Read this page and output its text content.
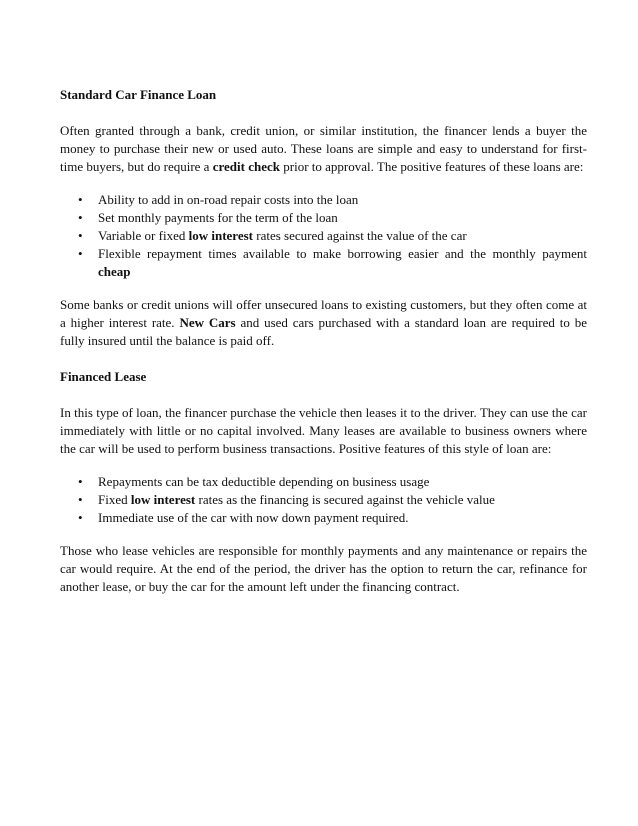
Standard Car Finance Loan

Often granted through a bank, credit union, or similar institution, the financer lends a buyer the money to purchase their new or used auto. These loans are simple and easy to understand for first-time buyers, but do require a credit check prior to approval. The positive features of these loans are:

• Ability to add in on-road repair costs into the loan
• Set monthly payments for the term of the loan
• Variable or fixed low interest rates secured against the value of the car
• Flexible repayment times available to make borrowing easier and the monthly payment cheap

Some banks or credit unions will offer unsecured loans to existing customers, but they often come at a higher interest rate. New Cars and used cars purchased with a standard loan are required to be fully insured until the balance is paid off.

Financed Lease

In this type of loan, the financer purchase the vehicle then leases it to the driver. They can use the car immediately with little or no capital involved. Many leases are available to business owners where the car will be used to perform business transactions. Positive features of this style of loan are:

• Repayments can be tax deductible depending on business usage
• Fixed low interest rates as the financing is secured against the vehicle value
• Immediate use of the car with now down payment required.

Those who lease vehicles are responsible for monthly payments and any maintenance or repairs the car would require. At the end of the period, the driver has the option to return the car, refinance for another lease, or buy the car for the amount left under the financing contract.
